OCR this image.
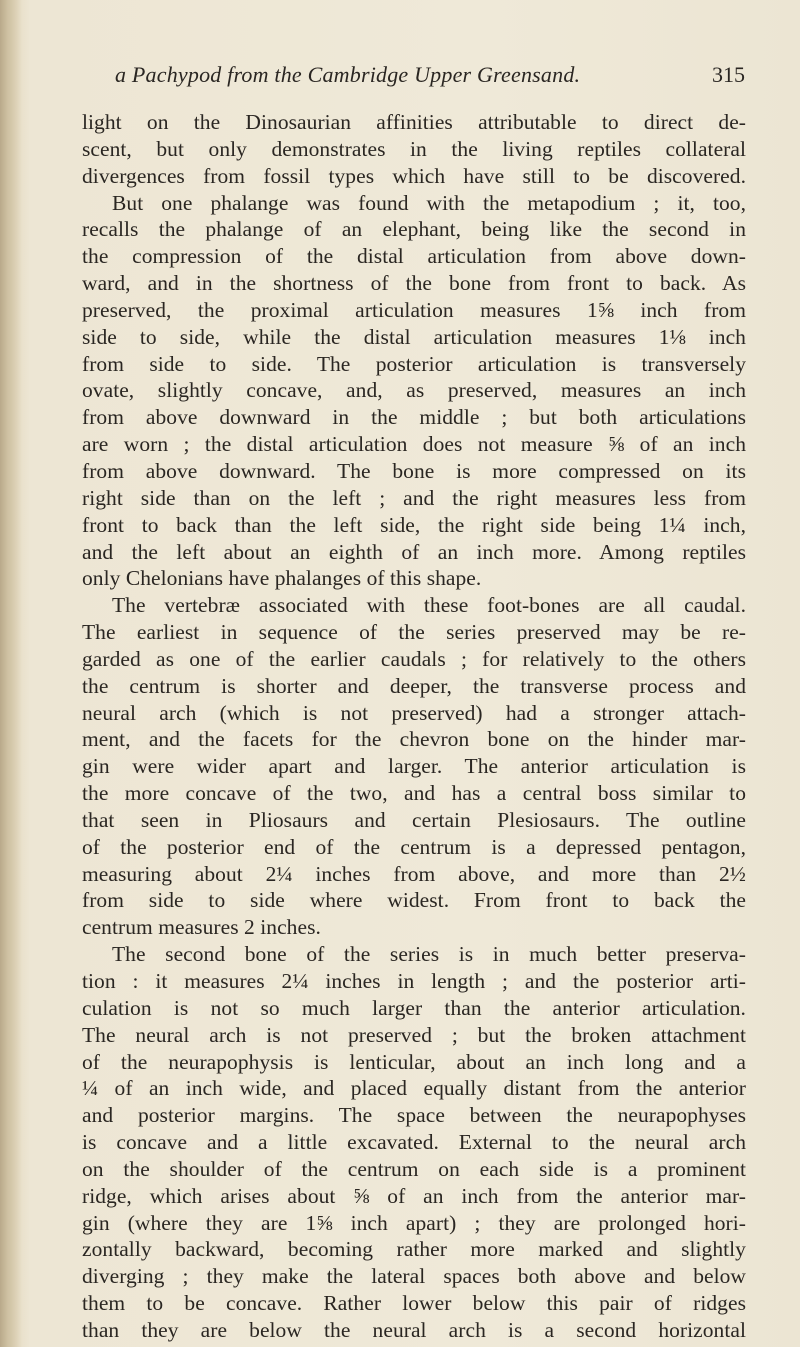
a Pachypod from the Cambridge Upper Greensand.	315
light on the Dinosaurian affinities attributable to direct de-
scent, but only demonstrates in the living reptiles collateral
divergences from fossil types which have still to be discovered.
But one phalange was found with the metapodium ; it, too,
recalls the phalange of an elephant, being like the second in
the compression of the distal articulation from above down-
ward, and in the shortness of the bone from front to back. As
preserved, the proximal articulation measures 1⅝ inch from
side to side, while the distal articulation measures 1⅛ inch
from side to side. The posterior articulation is transversely
ovate, slightly concave, and, as preserved, measures an inch
from above downward in the middle ; but both articulations
are worn ; the distal articulation does not measure ⅝ of an inch
from above downward. The bone is more compressed on its
right side than on the left ; and the right measures less from
front to back than the left side, the right side being 1¼ inch,
and the left about an eighth of an inch more. Among reptiles
only Chelonians have phalanges of this shape.
The vertebræ associated with these foot-bones are all caudal.
The earliest in sequence of the series preserved may be re-
garded as one of the earlier caudals ; for relatively to the others
the centrum is shorter and deeper, the transverse process and
neural arch (which is not preserved) had a stronger attach-
ment, and the facets for the chevron bone on the hinder mar-
gin were wider apart and larger. The anterior articulation is
the more concave of the two, and has a central boss similar to
that seen in Pliosaurs and certain Plesiosaurs. The outline
of the posterior end of the centrum is a depressed pentagon,
measuring about 2¼ inches from above, and more than 2½
from side to side where widest. From front to back the
centrum measures 2 inches.
The second bone of the series is in much better preserva-
tion : it measures 2¼ inches in length ; and the posterior arti-
culation is not so much larger than the anterior articulation.
The neural arch is not preserved ; but the broken attachment
of the neurapophysis is lenticular, about an inch long and a
¼ of an inch wide, and placed equally distant from the anterior
and posterior margins. The space between the neurapophyses
is concave and a little excavated. External to the neural arch
on the shoulder of the centrum on each side is a prominent
ridge, which arises about ⅝ of an inch from the anterior mar-
gin (where they are 1⅝ inch apart) ; they are prolonged hori-
zontally backward, becoming rather more marked and slightly
diverging ; they make the lateral spaces both above and below
them to be concave. Rather lower below this pair of ridges
than they are below the neural arch is a second horizontal
